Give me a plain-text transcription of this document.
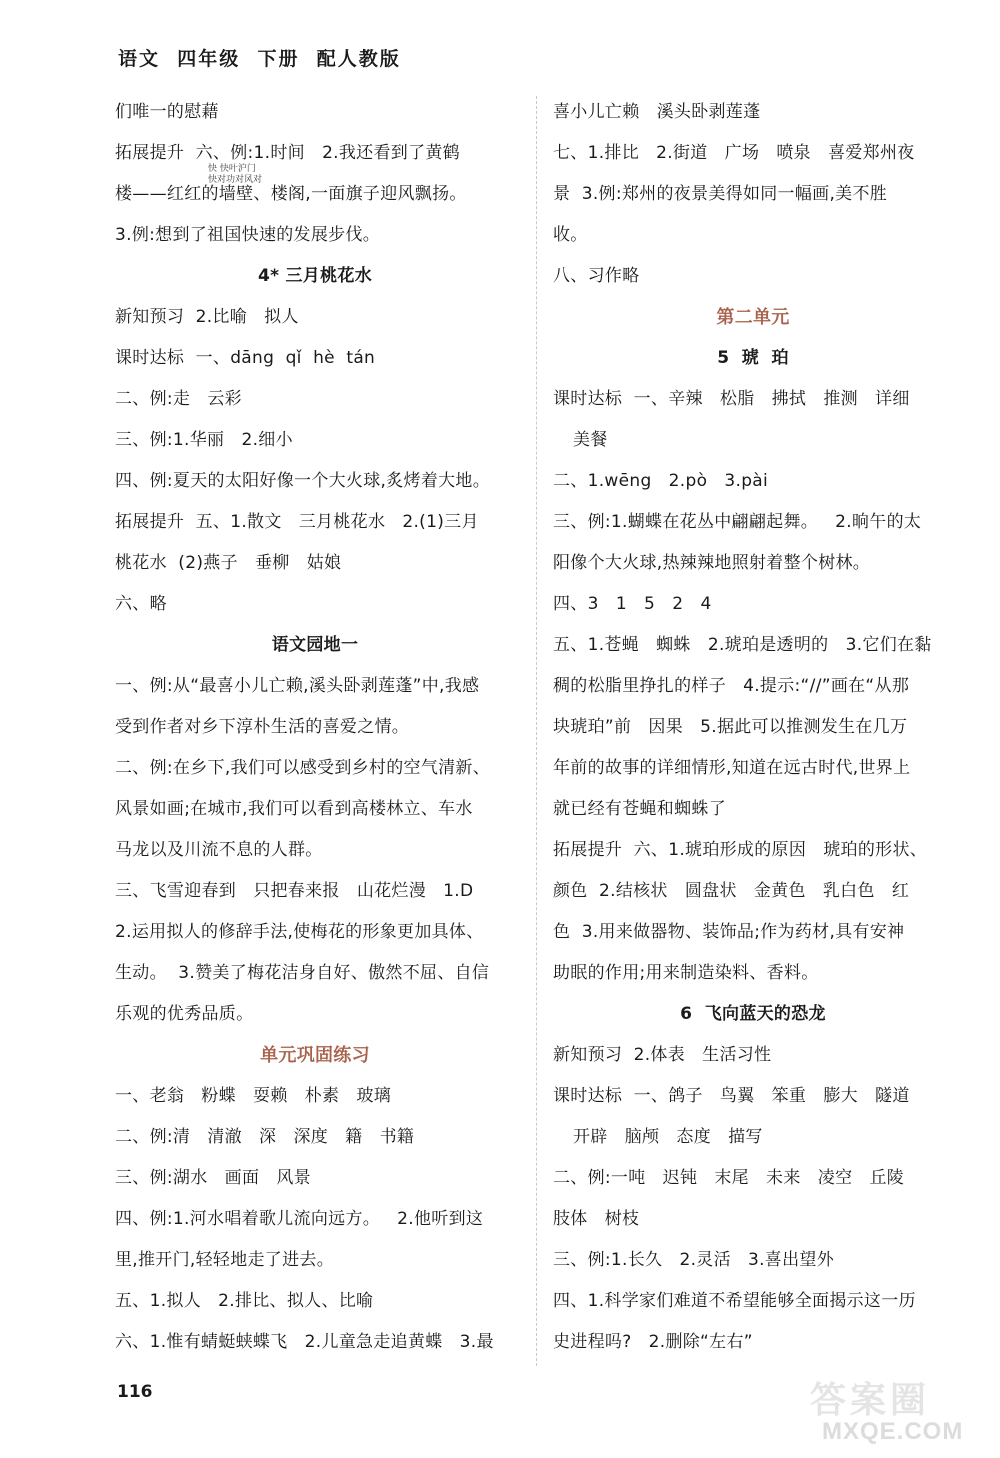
语文  四年级  下册  配人教版
们唯一的慰藉
拓展提升  六、例:1.时间   2.我还看到了黄鹤
楼——红红的墙壁、楼阁,一面旗子迎风飘扬。
3.例:想到了祖国快速的发展步伐。
4* 三月桃花水
新知预习  2.比喻   拟人
课时达标  一、dāng  qǐ  hè  tán
二、例:走   云彩
三、例:1.华丽   2.细小
四、例:夏天的太阳好像一个大火球,炙烤着大地。
拓展提升  五、1.散文   三月桃花水   2.(1)三月
桃花水  (2)燕子   垂柳   姑娘
六、略
语文园地一
一、例:从“最喜小儿亡赖,溪头卧剥莲蓬”中,我感
受到作者对乡下淳朴生活的喜爱之情。
二、例:在乡下,我们可以感受到乡村的空气清新、
风景如画;在城市,我们可以看到高楼林立、车水
马龙以及川流不息的人群。
三、飞雪迎春到   只把春来报   山花烂漫   1.D
2.运用拟人的修辞手法,使梅花的形象更加具体、
生动。  3.赞美了梅花洁身自好、傲然不屈、自信
乐观的优秀品质。
单元巩固练习
一、老翁   粉蝶   耍赖   朴素   玻璃
二、例:清   清澈   深   深度   籍   书籍
三、例:湖水   画面   风景
四、例:1.河水唱着歌儿流向远方。   2.他听到这
里,推开门,轻轻地走了进去。
五、1.拟人   2.排比、拟人、比喻
六、1.惟有蜻蜓蛱蝶飞   2.儿童急走追黄蝶   3.最
喜小儿亡赖   溪头卧剥莲蓬
七、1.排比   2.街道   广场   喷泉   喜爱郑州夜
景  3.例:郑州的夜景美得如同一幅画,美不胜
收。
八、习作略
第二单元
5  琥  珀
课时达标  一、辛辣   松脂   拂拭   推测   详细
美餐
二、1.wēng   2.pò   3.pài
三、例:1.蝴蝶在花丛中翩翩起舞。   2.晌午的太
阳像个大火球,热辣辣地照射着整个树林。
四、3   1   5   2   4
五、1.苍蝇   蜘蛛   2.琥珀是透明的   3.它们在黏
稠的松脂里挣扎的样子   4.提示:“//”画在“从那
块琥珀”前   因果   5.据此可以推测发生在几万
年前的故事的详细情形,知道在远古时代,世界上
就已经有苍蝇和蜘蛛了
拓展提升  六、1.琥珀形成的原因   琥珀的形状、
颜色  2.结核状   圆盘状   金黄色   乳白色   红
色  3.用来做器物、装饰品;作为药材,具有安神
助眠的作用;用来制造染料、香料。
6  飞向蓝天的恐龙
新知预习  2.体表   生活习性
课时达标  一、鸽子   鸟翼   笨重   膨大   隧道
开辟   脑颅   态度   描写
二、例:一吨   迟钝   末尾   未来   凌空   丘陵
肢体   树枝
三、例:1.长久   2.灵活   3.喜出望外
四、1.科学家们难道不希望能够全面揭示这一历
史进程吗?   2.删除“左右”
快 快叶沪门
快对功对风对
116	答案圈
MXQE.COM
